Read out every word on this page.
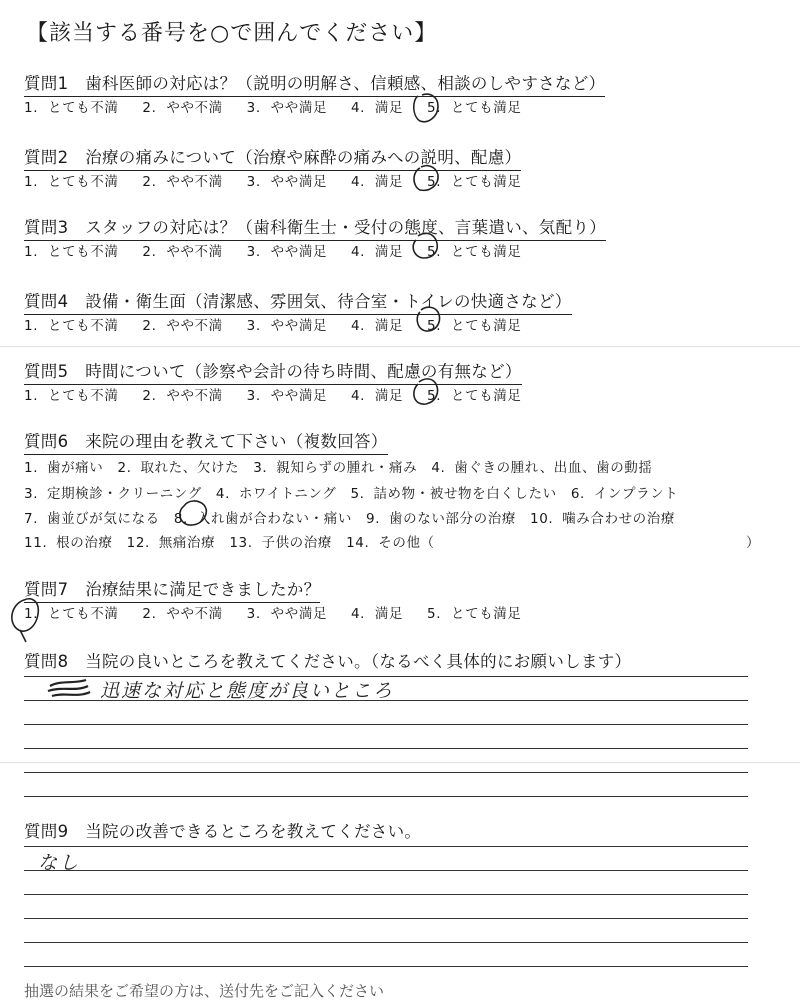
【該当する番号を○で囲んでください】
質問1　歯科医師の対応は？（説明の明解さ、信頼感、相談のしやすさなど）
1. とても不満 2. やや不満 3. やや満足 4. 満足 5. とても満足
質問2　治療の痛みについて（治療や麻酔の痛みへの説明、配慮）
1. とても不満 2. やや不満 3. やや満足 4. 満足 5. とても満足
質問3　スタッフの対応は？（歯科衛生士・受付の態度、言葉遣い、気配り）
1. とても不満 2. やや不満 3. やや満足 4. 満足 5. とても満足
質問4　設備・衛生面（清潔感、雰囲気、待合室・トイレの快適さなど）
1. とても不満 2. やや不満 3. やや満足 4. 満足 5. とても満足
質問5　時間について（診察や会計の待ち時間、配慮の有無など）
1. とても不満 2. やや不満 3. やや満足 4. 満足 5. とても満足
質問6　来院の理由を教えて下さい（複数回答）
1. 歯が痛い　2. 取れた、欠けた　3. 親知らずの腫れ・痛み　4. 歯ぐきの腫れ、出血、歯の動揺
3. 定期検診・クリーニング　4. ホワイトニング　5. 詰め物・被せ物を白くしたい　6. インプラント
7. 歯並びが気になる　8. 入れ歯が合わない・痛い　9. 歯のない部分の治療　10. 噛み合わせの治療
11. 根の治療　12. 無痛治療　13. 子供の治療　14. その他（	）
質問7　治療結果に満足できましたか？
1. とても不満 2. やや不満 3. やや満足 4. 満足 5. とても満足
質問8　当院の良いところを教えてください。（なるべく具体的にお願いします）
迅速な対応と態度が良いところ
質問9　当院の改善できるところを教えてください。
なし
抽選の結果をご希望の方は、送付先をご記入ください
